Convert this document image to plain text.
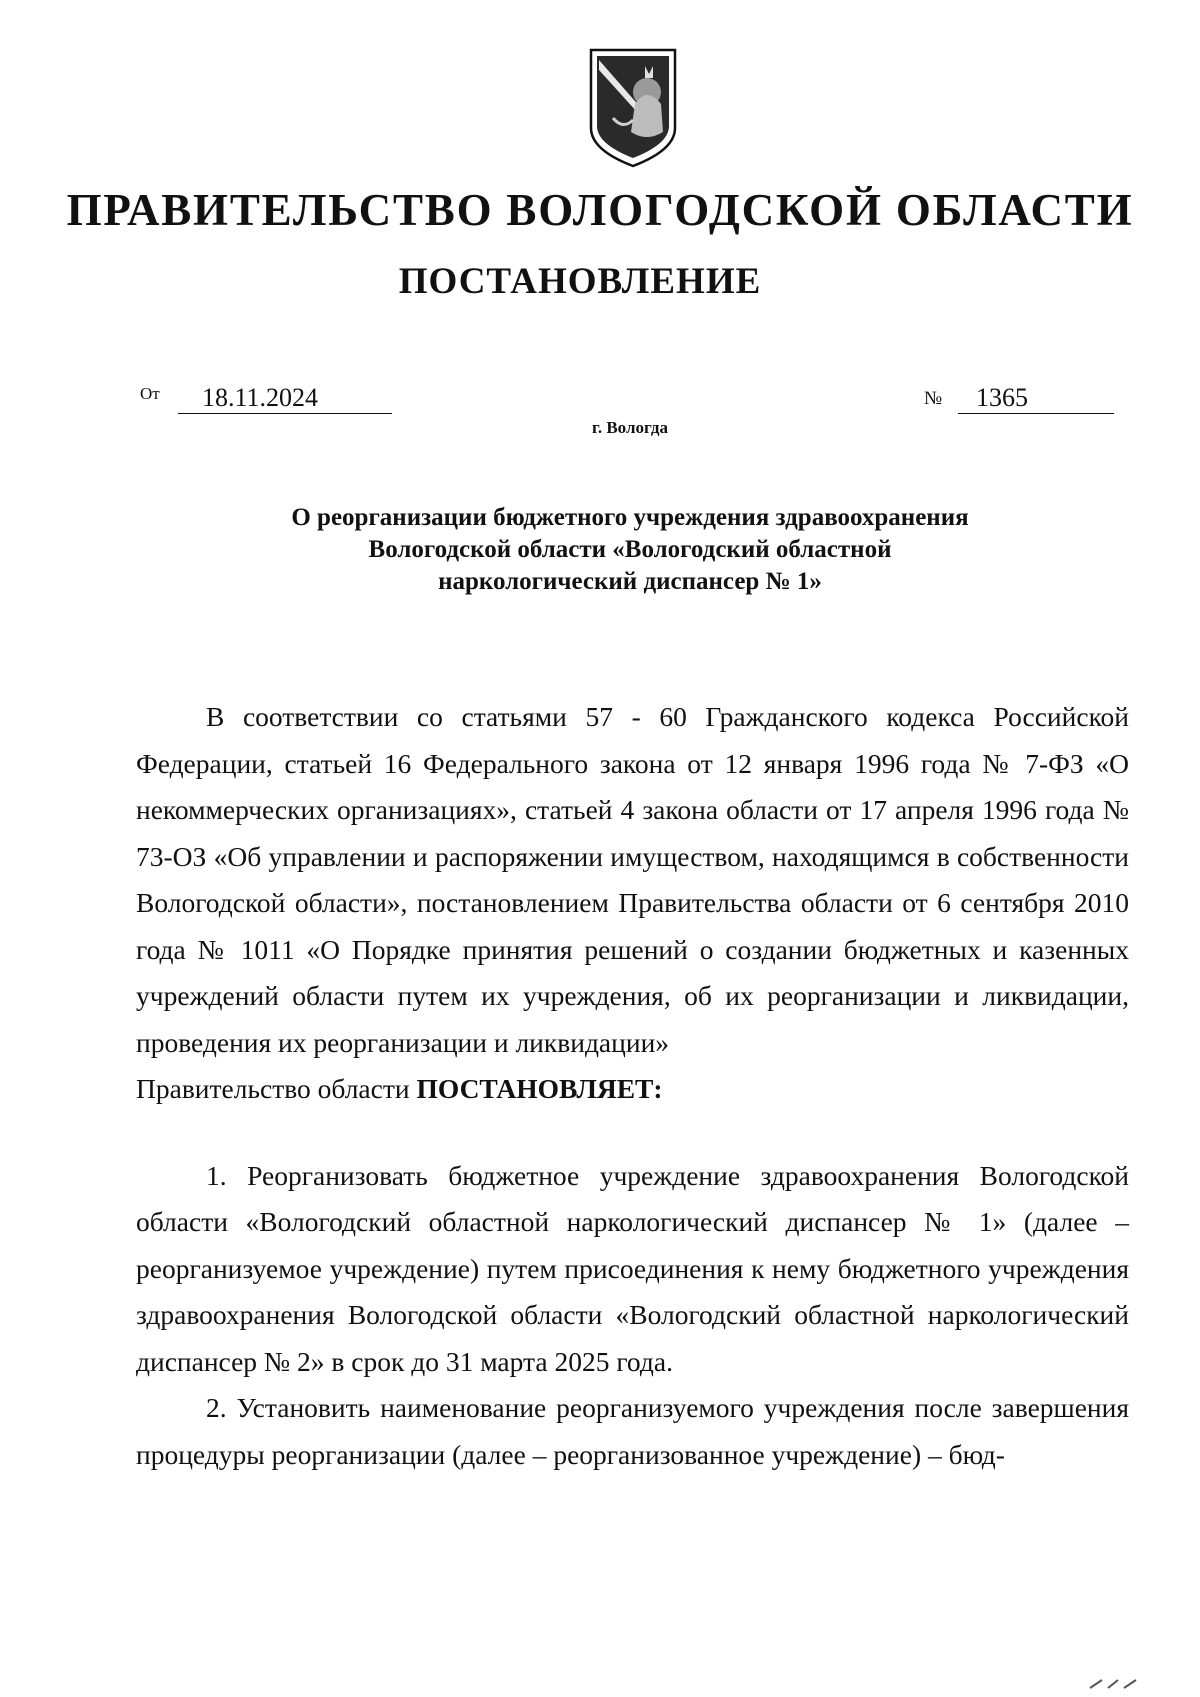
ПРАВИТЕЛЬСТВО ВОЛОГОДСКОЙ ОБЛАСТИ
ПОСТАНОВЛЕНИЕ
От	18.11.2024	№	1365
г. Вологда
О реорганизации бюджетного учреждения здравоохранения
Вологодской области «Вологодский областной
наркологический диспансер № 1»

В соответствии со статьями 57 - 60 Гражданского кодекса Российской Федерации, статьей 16 Федерального закона от 12 января 1996 года № 7-ФЗ «О некоммерческих организациях», статьей 4 закона области от 17 апреля 1996 года № 73-ОЗ «Об управлении и распоряжении имуществом, находящимся в собственности Вологодской области», постановлением Правительства области от 6 сентября 2010 года № 1011 «О Порядке принятия решений о создании бюджетных и казенных учреждений области путем их учреждения, об их реорганизации и ликвидации, проведения их реорганизации и ликвидации»

Правительство области ПОСТАНОВЛЯЕТ:

1. Реорганизовать бюджетное учреждение здравоохранения Вологодской области «Вологодский областной наркологический диспансер № 1» (далее – реорганизуемое учреждение) путем присоединения к нему бюджетного учреждения здравоохранения Вологодской области «Вологодский областной наркологический диспансер № 2» в срок до 31 марта 2025 года.

2. Установить наименование реорганизуемого учреждения после завершения процедуры реорганизации (далее – реорганизованное учреждение) – бюд-
